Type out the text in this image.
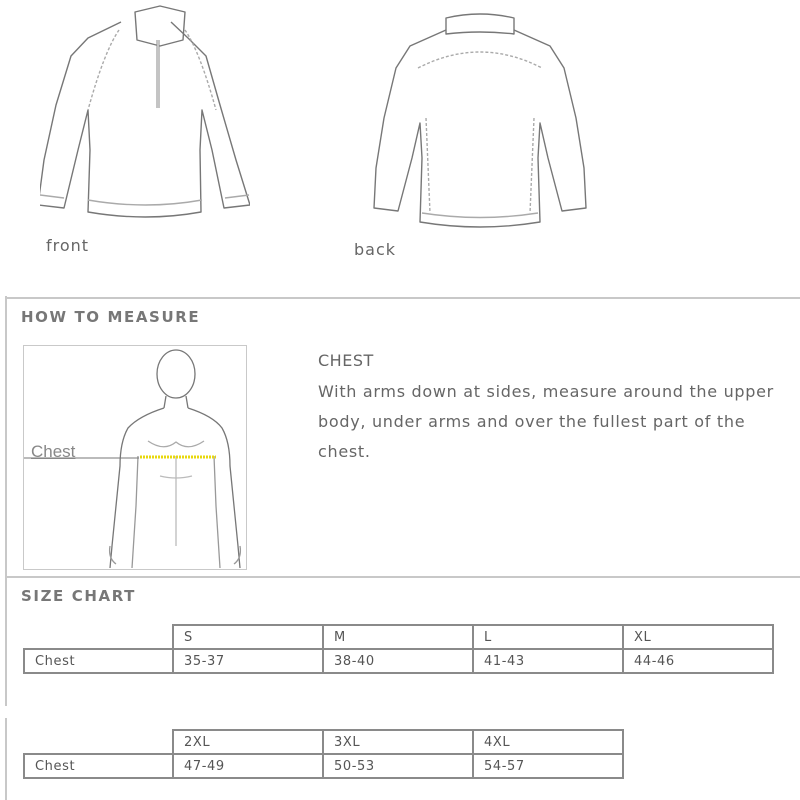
front	back
HOW TO MEASURE
Chest
CHEST
With arms down at sides, measure around the upper body, under arms and over the fullest part of the chest.
SIZE CHART
	S	M	L	XL
Chest	35-37	38-40	41-43	44-46
	2XL	3XL	4XL
Chest	47-49	50-53	54-57
